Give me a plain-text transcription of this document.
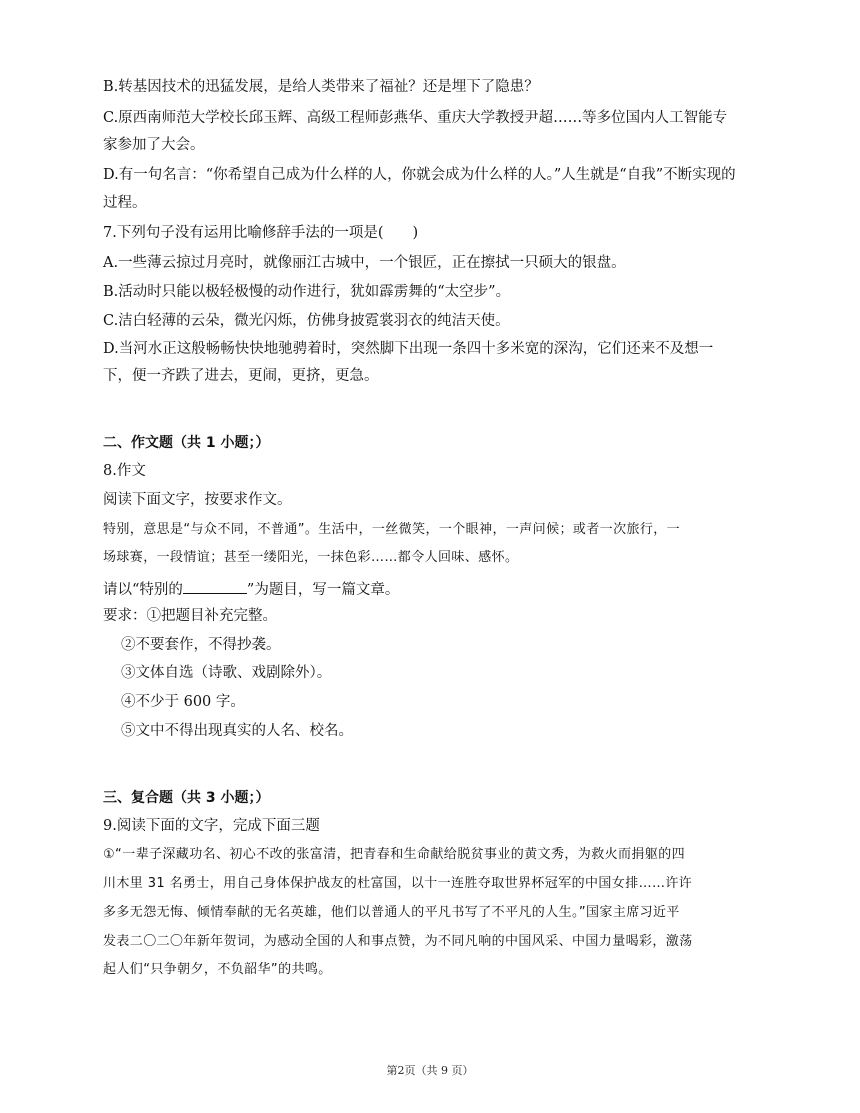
B.转基因技术的迅猛发展，是给人类带来了福祉？还是埋下了隐患？
C.原西南师范大学校长邱玉辉、高级工程师彭燕华、重庆大学教授尹超……等多位国内人工智能专
家参加了大会。
D.有一句名言：“你希望自己成为什么样的人，你就会成为什么样的人。”人生就是“自我”不断实现的
过程。
7.下列句子没有运用比喻修辞手法的一项是(　　)
A.一些薄云掠过月亮时，就像丽江古城中，一个银匠，正在擦拭一只硕大的银盘。
B.活动时只能以极轻极慢的动作进行，犹如霹雳舞的“太空步”。
C.洁白轻薄的云朵，微光闪烁，仿佛身披霓裳羽衣的纯洁天使。
D.当河水正这般畅畅快快地驰骋着时，突然脚下出现一条四十多米宽的深沟，它们还来不及想一
下，便一齐跌了进去，更闹，更挤，更急。
二、作文题（共 1 小题；）
8.作文
阅读下面文字，按要求作文。
特别，意思是“与众不同，不普通”。生活中，一丝微笑，一个眼神，一声问候；或者一次旅行，一
场球赛，一段情谊；甚至一缕阳光，一抹色彩……都令人回味、感怀。
请以“特别的	”为题目，写一篇文章。
要求：①把题目补充完整。
②不要套作，不得抄袭。
③文体自选（诗歌、戏剧除外）。
④不少于 600 字。
⑤文中不得出现真实的人名、校名。
三、复合题（共 3 小题；）
9.阅读下面的文字，完成下面三题
①“一辈子深藏功名、初心不改的张富清，把青春和生命献给脱贫事业的黄文秀，为救火而捐躯的四
川木里 31 名勇士，用自己身体保护战友的杜富国，以十一连胜夺取世界杯冠军的中国女排……许许
多多无怨无悔、倾情奉献的无名英雄，他们以普通人的平凡书写了不平凡的人生。”国家主席习近平
发表二〇二〇年新年贺词，为感动全国的人和事点赞，为不同凡响的中国风采、中国力量喝彩，激荡
起人们“只争朝夕，不负韶华”的共鸣。
第2页（共 9 页）
